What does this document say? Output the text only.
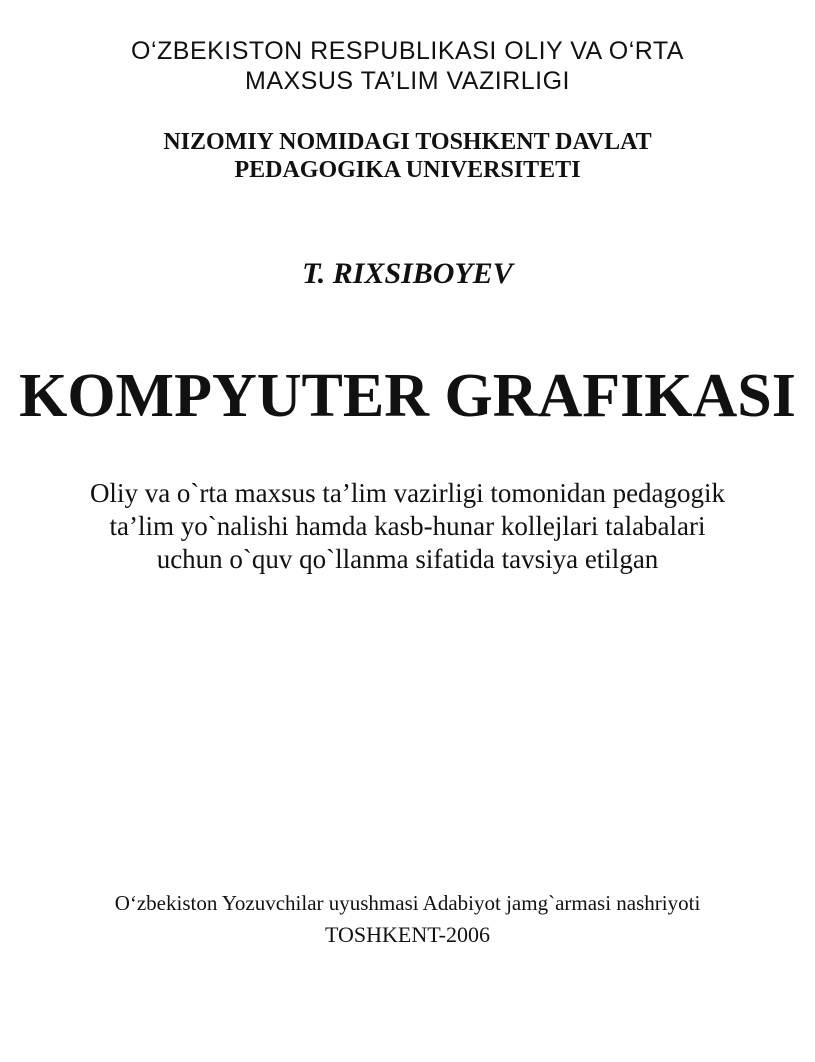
O‘ZBEKISTON RESPUBLIKASI OLIY VA O‘RTA
MAXSUS TA’LIM VAZIRLIGI
NIZOMIY NOMIDAGI TOSHKENT DAVLAT
PEDAGOGIKA UNIVERSITETI
T. RIXSIBOYEV
KOMPYUTER GRAFIKASI
Oliy va o`rta maxsus ta’lim vazirligi tomonidan pedagogik
ta’lim yo`nalishi hamda kasb-hunar kollejlari talabalari
uchun o`quv qo`llanma sifatida tavsiya etilgan
O‘zbekiston Yozuvchilar uyushmasi Adabiyot jamg`armasi nashriyoti
TOSHKENT-2006
